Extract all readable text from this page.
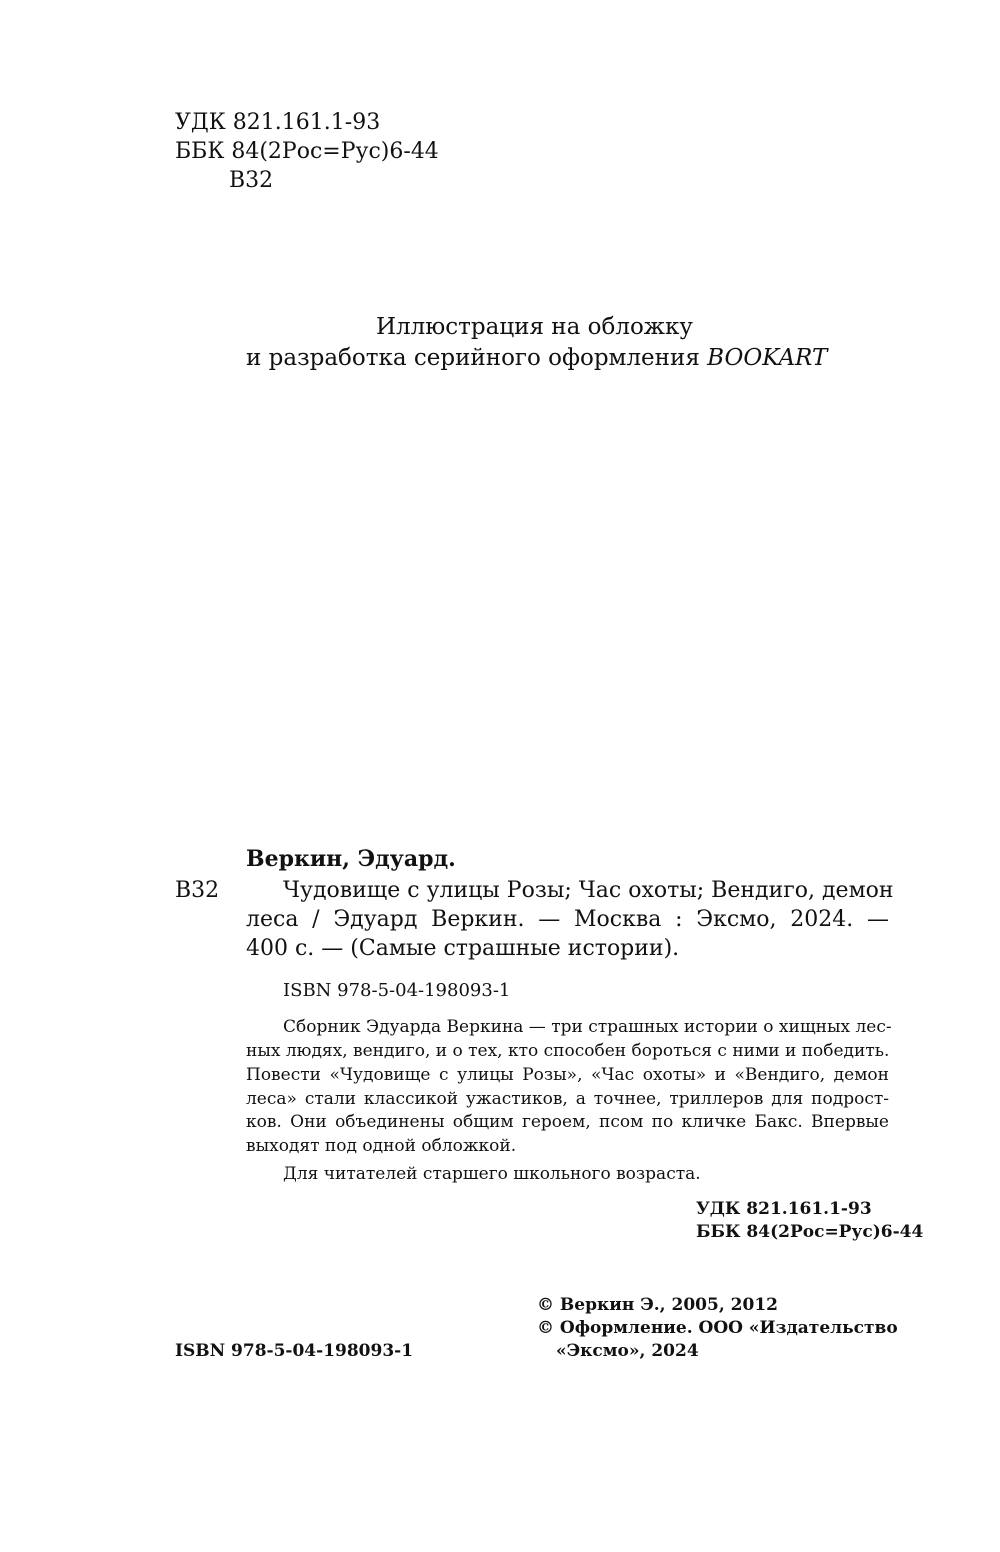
УДК 821.161.1-93
ББК 84(2Рос=Рус)6-44
В32
Иллюстрация на обложку
и разработка серийного оформления BOOKART
Веркин, Эдуард.
В32	Чудовище с улицы Розы; Час охоты; Вендиго, демон
леса / Эдуард Веркин. — Москва : Эксмо, 2024. —
400 с. — (Самые страшные истории).
ISBN 978-5-04-198093-1
Сборник Эдуарда Веркина — три страшных истории о хищных лес-
ных людях, вендиго, и о тех, кто способен бороться с ними и победить.
Повести «Чудовище с улицы Розы», «Час охоты» и «Вендиго, демон
леса» стали классикой ужастиков, а точнее, триллеров для подрост-
ков. Они объединены общим героем, псом по кличке Бакс. Впервые
выходят под одной обложкой.
Для читателей старшего школьного возраста.
УДК 821.161.1-93
ББК 84(2Рос=Рус)6-44
© Веркин Э., 2005, 2012
© Оформление. ООО «Издательство
«Эксмо», 2024
ISBN 978-5-04-198093-1
